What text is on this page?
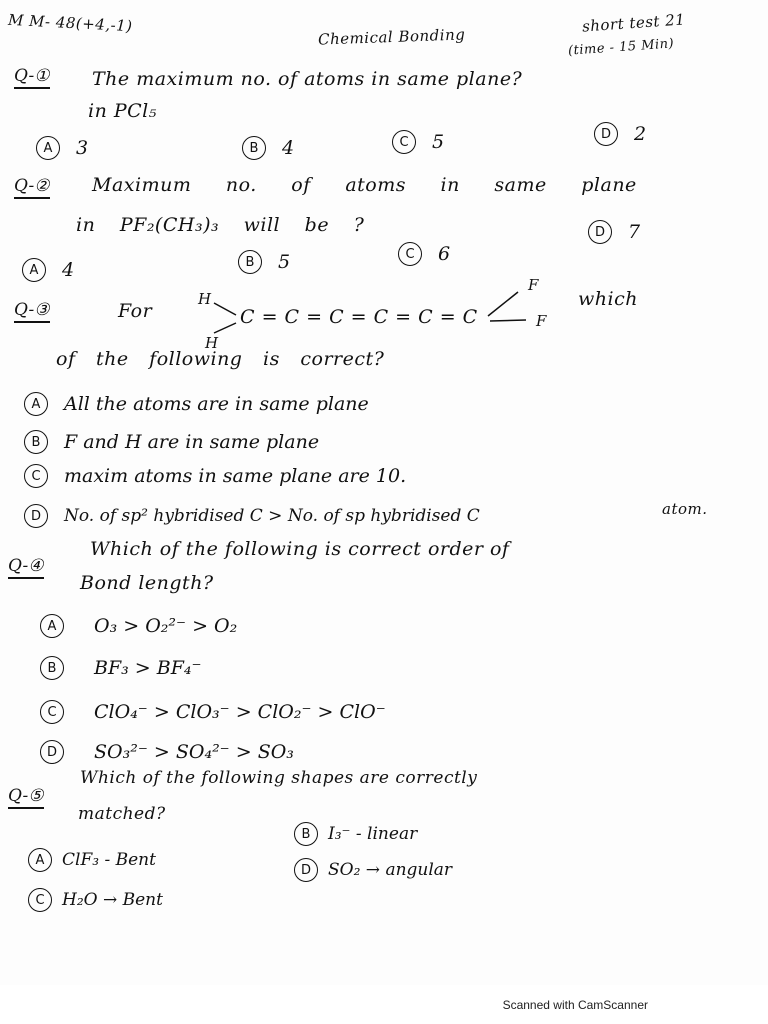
M M- 48(+4,-1)
Chemical Bonding
short test 21
(time - 15 Min)
Q-① The maximum no. of atoms in same plane?
in PCl₅
A	3	B	4	C	5	D	2
Q-② Maximum no. of atoms in same plane
in PF₂(CH₃)₃ will be ?
A	4	B	5	C	6
D	7
Q-③	For
H
H
C = C = C = C = C = C
F
F
which
of the following is correct?
A	All the atoms are in same plane
B	F and H are in same plane
C	maxim atoms in same plane are 10.
D	No. of sp² hybridised C > No. of sp hybridised C	atom.
Q-④
Which of the following is correct order of
Bond length?
A	O₃ > O₂²⁻ > O₂
B	BF₃ > BF₄⁻
C	ClO₄⁻ > ClO₃⁻ > ClO₂⁻ > ClO⁻
D	SO₃²⁻ > SO₄²⁻ > SO₃
Q-⑤
Which of the following shapes are correctly
matched?
A	ClF₃ - Bent
B	I₃⁻ - linear
C	H₂O → Bent
D	SO₂ → angular
Scanned with CamScanner
